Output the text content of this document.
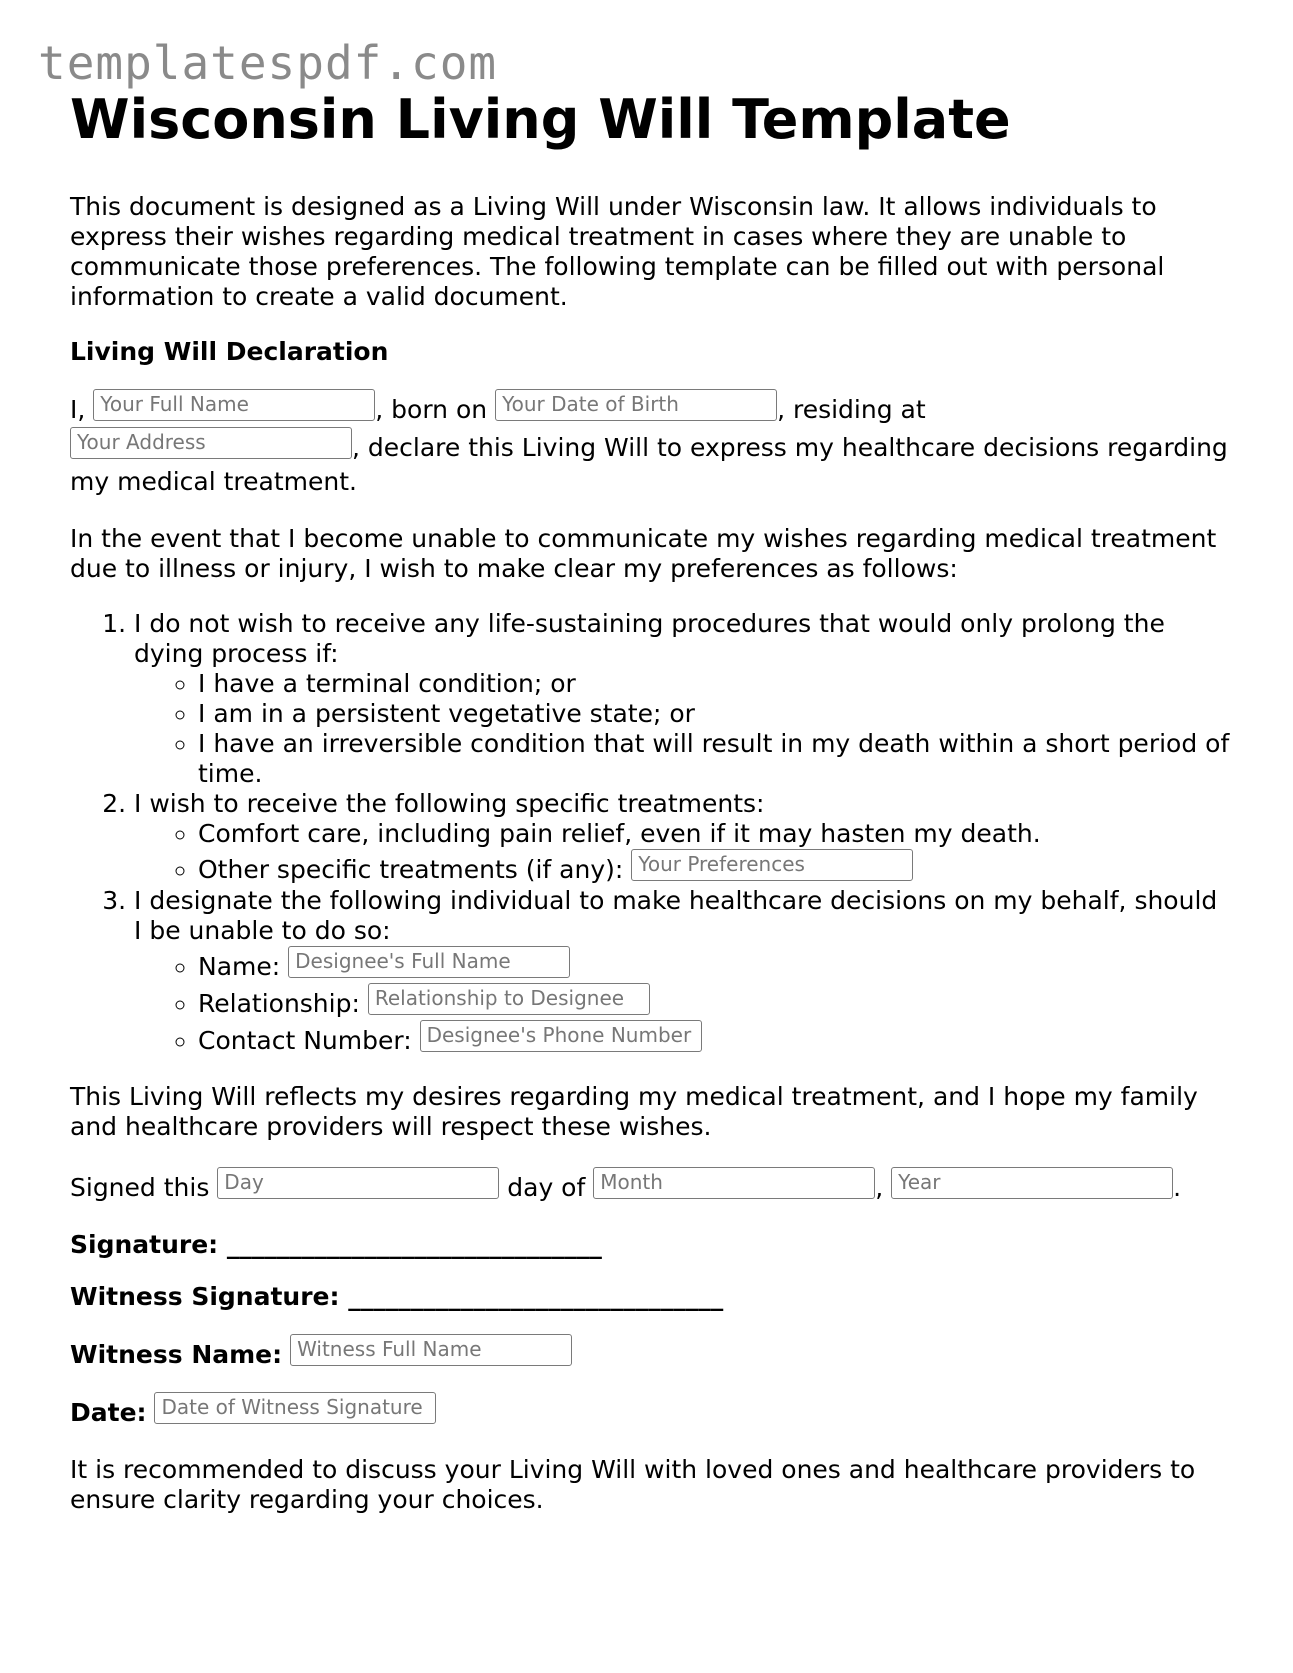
templatespdf.com
Wisconsin Living Will Template

This document is designed as a Living Will under Wisconsin law. It allows individuals to express their wishes regarding medical treatment in cases where they are unable to communicate those preferences. The following template can be filled out with personal information to create a valid document.

Living Will Declaration

I, Your Full Name	, born on Your Date of Birth	, residing at
Your Address	, declare this Living Will to express my healthcare decisions regarding my medical treatment.

In the event that I become unable to communicate my wishes regarding medical treatment due to illness or injury, I wish to make clear my preferences as follows:

1. I do not wish to receive any life-sustaining procedures that would only prolong the dying process if:
◦ I have a terminal condition; or
◦ I am in a persistent vegetative state; or
◦ I have an irreversible condition that will result in my death within a short period of time.
2. I wish to receive the following specific treatments:
◦ Comfort care, including pain relief, even if it may hasten my death.
◦ Other specific treatments (if any): Your Preferences
3. I designate the following individual to make healthcare decisions on my behalf, should I be unable to do so:
◦ Name: Designee's Full Name
◦ Relationship: Relationship to Designee
◦ Contact Number: Designee's Phone Number

This Living Will reflects my desires regarding my medical treatment, and I hope my family and healthcare providers will respect these wishes.

Signed this Day	day of Month	, Year	.

Signature: ______________________________

Witness Signature: ______________________________

Witness Name: Witness Full Name

Date: Date of Witness Signature

It is recommended to discuss your Living Will with loved ones and healthcare providers to ensure clarity regarding your choices.
